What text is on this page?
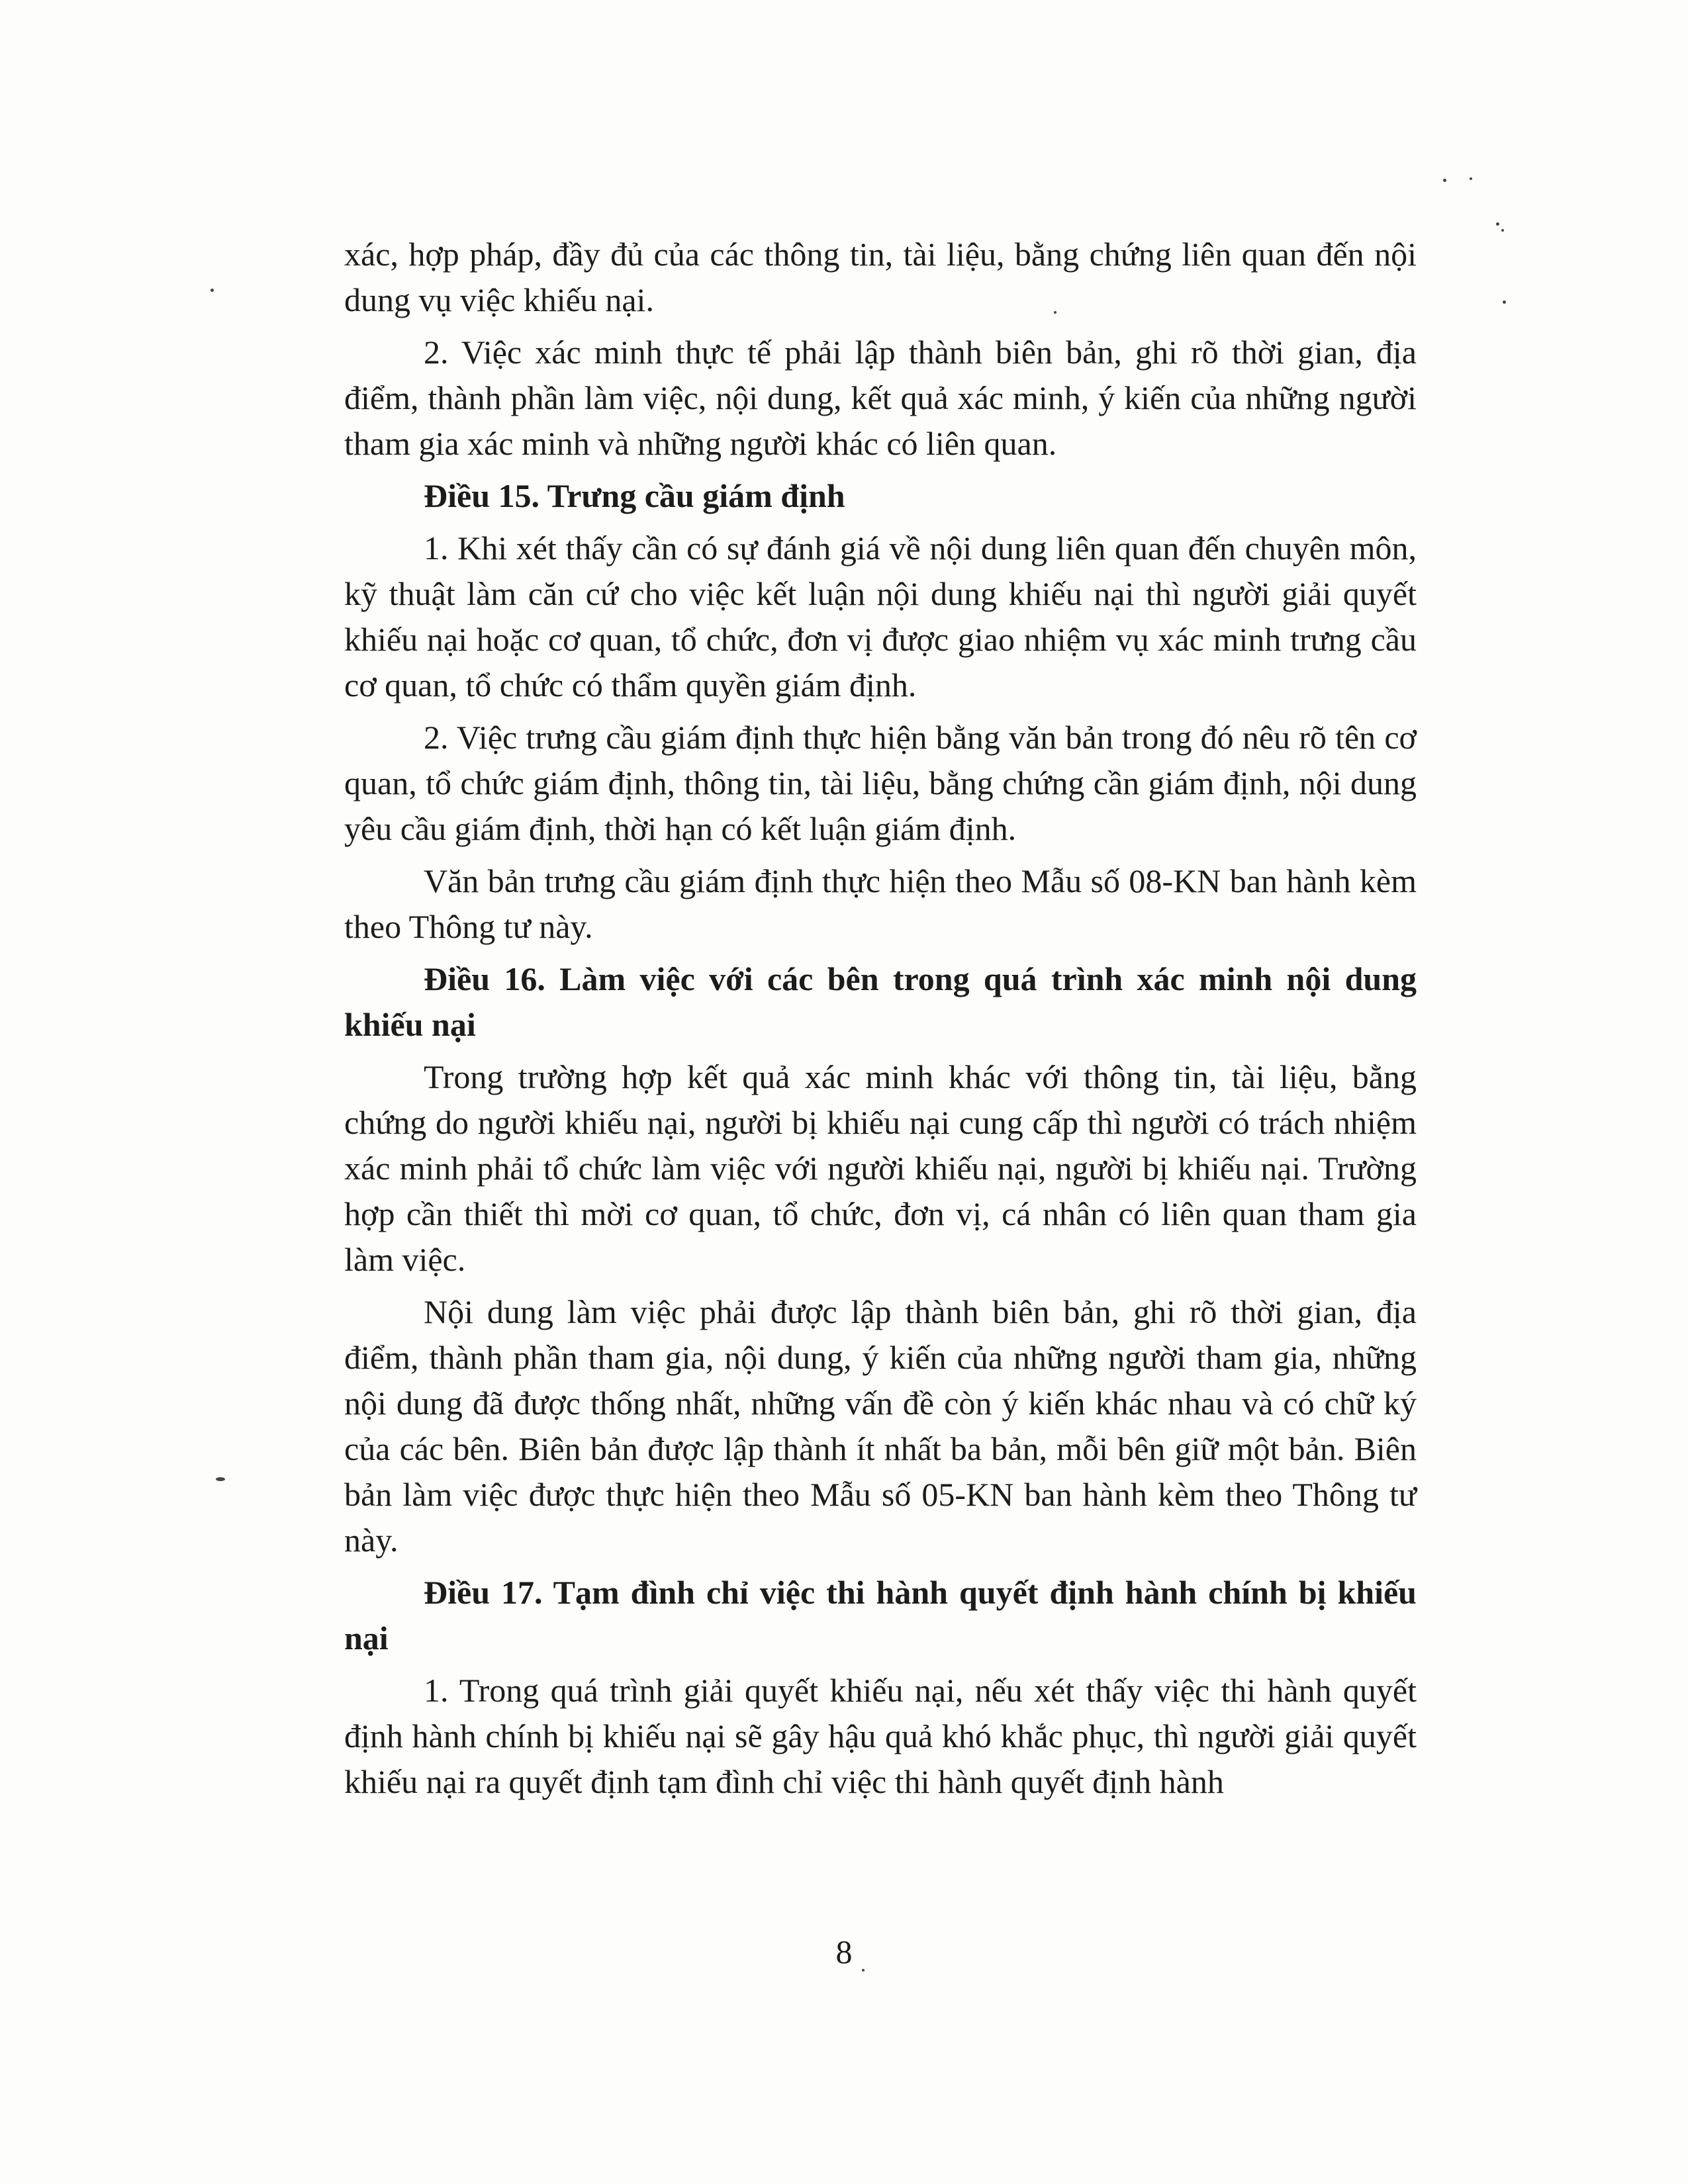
xác, hợp pháp, đầy đủ của các thông tin, tài liệu, bằng chứng liên quan đến nội dung vụ việc khiếu nại.

2. Việc xác minh thực tế phải lập thành biên bản, ghi rõ thời gian, địa điểm, thành phần làm việc, nội dung, kết quả xác minh, ý kiến của những người tham gia xác minh và những người khác có liên quan.

Điều 15. Trưng cầu giám định

1. Khi xét thấy cần có sự đánh giá về nội dung liên quan đến chuyên môn, kỹ thuật làm căn cứ cho việc kết luận nội dung khiếu nại thì người giải quyết khiếu nại hoặc cơ quan, tổ chức, đơn vị được giao nhiệm vụ xác minh trưng cầu cơ quan, tổ chức có thẩm quyền giám định.

2. Việc trưng cầu giám định thực hiện bằng văn bản trong đó nêu rõ tên cơ quan, tổ chức giám định, thông tin, tài liệu, bằng chứng cần giám định, nội dung yêu cầu giám định, thời hạn có kết luận giám định.

Văn bản trưng cầu giám định thực hiện theo Mẫu số 08-KN ban hành kèm theo Thông tư này.

Điều 16. Làm việc với các bên trong quá trình xác minh nội dung khiếu nại

Trong trường hợp kết quả xác minh khác với thông tin, tài liệu, bằng chứng do người khiếu nại, người bị khiếu nại cung cấp thì người có trách nhiệm xác minh phải tổ chức làm việc với người khiếu nại, người bị khiếu nại. Trường hợp cần thiết thì mời cơ quan, tổ chức, đơn vị, cá nhân có liên quan tham gia làm việc.

Nội dung làm việc phải được lập thành biên bản, ghi rõ thời gian, địa điểm, thành phần tham gia, nội dung, ý kiến của những người tham gia, những nội dung đã được thống nhất, những vấn đề còn ý kiến khác nhau và có chữ ký của các bên. Biên bản được lập thành ít nhất ba bản, mỗi bên giữ một bản. Biên bản làm việc được thực hiện theo Mẫu số 05-KN ban hành kèm theo Thông tư này.

Điều 17. Tạm đình chỉ việc thi hành quyết định hành chính bị khiếu nại

1. Trong quá trình giải quyết khiếu nại, nếu xét thấy việc thi hành quyết định hành chính bị khiếu nại sẽ gây hậu quả khó khắc phục, thì người giải quyết khiếu nại ra quyết định tạm đình chỉ việc thi hành quyết định hành

8
